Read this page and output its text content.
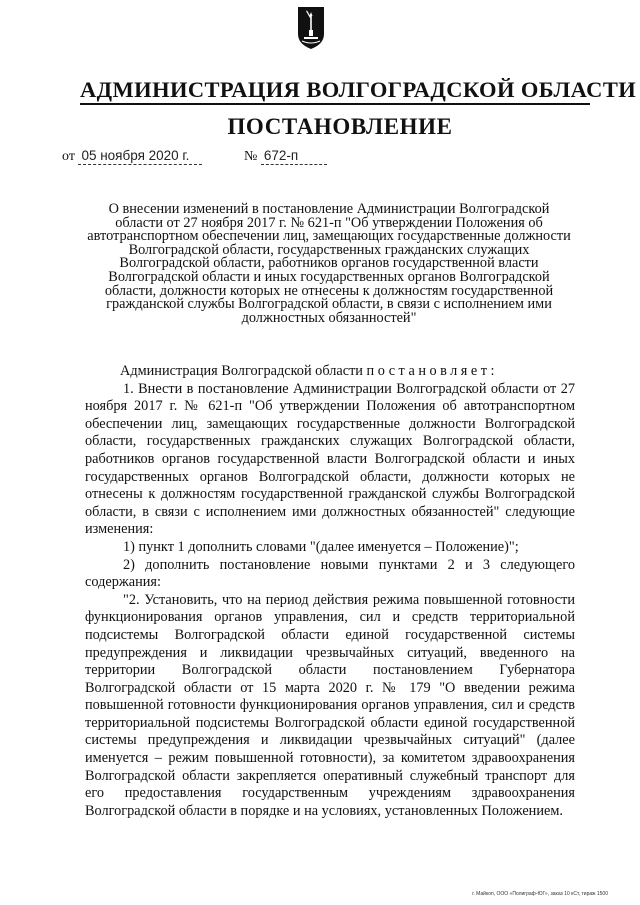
АДМИНИСТРАЦИЯ ВОЛГОГРАДСКОЙ ОБЛАСТИ
ПОСТАНОВЛЕНИЕ
от 05 ноября 2020 г.	№ 672-п
О внесении изменений в постановление Администрации Волгоградской области от 27 ноября 2017 г. № 621-п "Об утверждении Положения об автотранспортном обеспечении лиц, замещающих государственные должности Волгоградской области, государственных гражданских служащих Волгоградской области, работников органов государственной власти Волгоградской области и иных государственных органов Волгоградской области, должности которых не отнесены к должностям государственной гражданской службы Волгоградской области, в связи с исполнением ими должностных обязанностей"

Администрация Волгоградской области постановляет:

1. Внести в постановление Администрации Волгоградской области от 27 ноября 2017 г. № 621-п "Об утверждении Положения об автотранспортном обеспечении лиц, замещающих государственные должности Волгоградской области, государственных гражданских служащих Волгоградской области, работников органов государственной власти Волгоградской области и иных государственных органов Волгоградской области, должности которых не отнесены к должностям государственной гражданской службы Волгоградской области, в связи с исполнением ими должностных обязанностей" следующие изменения:

1) пункт 1 дополнить словами "(далее именуется – Положение)";

2) дополнить постановление новыми пунктами 2 и 3 следующего содержания:

"2. Установить, что на период действия режима повышенной готовности функционирования органов управления, сил и средств территориальной подсистемы Волгоградской области единой государственной системы предупреждения и ликвидации чрезвычайных ситуаций, введенного на территории Волгоградской области постановлением Губернатора Волгоградской области от 15 марта 2020 г. № 179 "О введении режима повышенной готовности функционирования органов управления, сил и средств территориальной подсистемы Волгоградской области единой государственной системы предупреждения и ликвидации чрезвычайных ситуаций" (далее именуется – режим повышенной готовности), за комитетом здравоохранения Волгоградской области закрепляется оперативный служебный транспорт для его предоставления государственным учреждениям здравоохранения Волгоградской области в порядке и на условиях, установленных Положением.

г. Майкоп, ООО «Полиграф-ЮГ», заказ 10 кСт, тираж 1500
